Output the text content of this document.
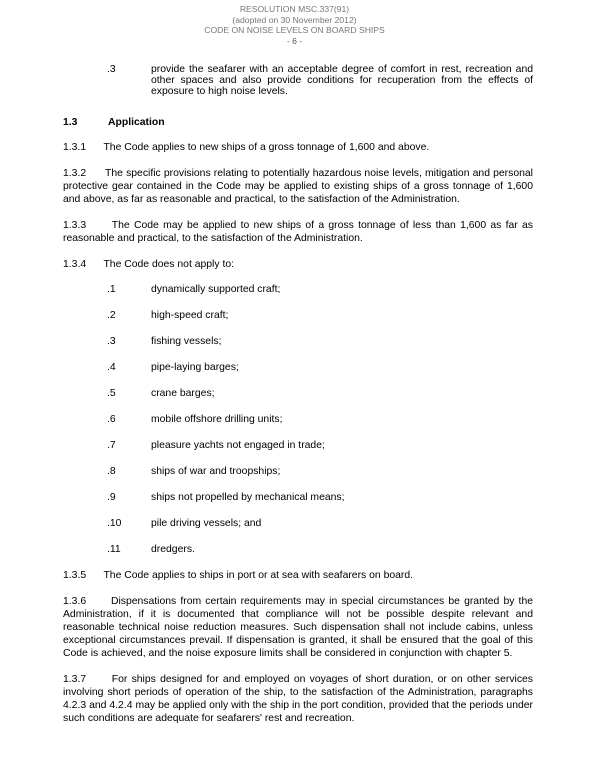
RESOLUTION MSC.337(91)
(adopted on 30 November 2012)
CODE ON NOISE LEVELS ON BOARD SHIPS
- 6 -
.3	provide the seafarer with an acceptable degree of comfort in rest, recreation and other spaces and also provide conditions for recuperation from the effects of exposure to high noise levels.
1.3	Application

1.3.1 The Code applies to new ships of a gross tonnage of 1,600 and above.

1.3.2 The specific provisions relating to potentially hazardous noise levels, mitigation and personal protective gear contained in the Code may be applied to existing ships of a gross tonnage of 1,600 and above, as far as reasonable and practical, to the satisfaction of the Administration.

1.3.3 The Code may be applied to new ships of a gross tonnage of less than 1,600 as far as reasonable and practical, to the satisfaction of the Administration.

1.3.4 The Code does not apply to:

.1	dynamically supported craft;
.2	high-speed craft;
.3	fishing vessels;
.4	pipe-laying barges;
.5	crane barges;
.6	mobile offshore drilling units;
.7	pleasure yachts not engaged in trade;
.8	ships of war and troopships;
.9	ships not propelled by mechanical means;
.10	pile driving vessels; and
.11	dredgers.

1.3.5 The Code applies to ships in port or at sea with seafarers on board.

1.3.6 Dispensations from certain requirements may in special circumstances be granted by the Administration, if it is documented that compliance will not be possible despite relevant and reasonable technical noise reduction measures. Such dispensation shall not include cabins, unless exceptional circumstances prevail. If dispensation is granted, it shall be ensured that the goal of this Code is achieved, and the noise exposure limits shall be considered in conjunction with chapter 5.

1.3.7 For ships designed for and employed on voyages of short duration, or on other services involving short periods of operation of the ship, to the satisfaction of the Administration, paragraphs 4.2.3 and 4.2.4 may be applied only with the ship in the port condition, provided that the periods under such conditions are adequate for seafarers' rest and recreation.
